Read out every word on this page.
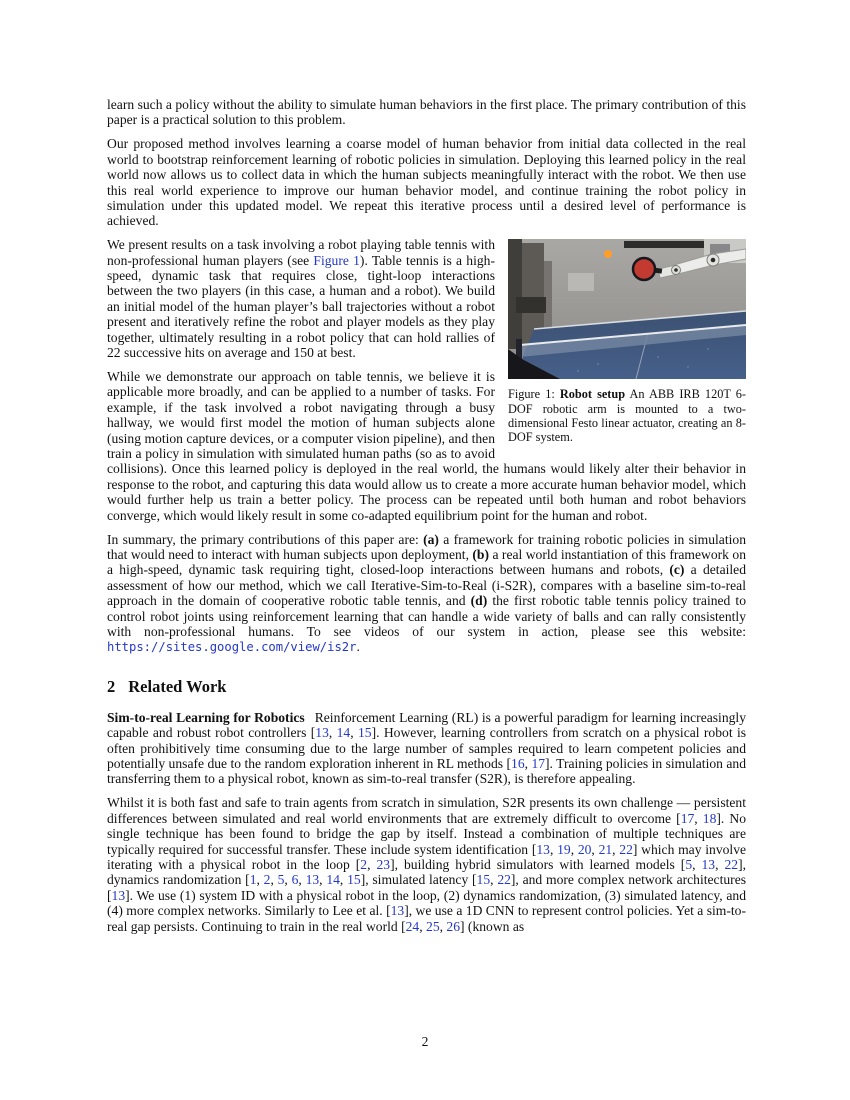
learn such a policy without the ability to simulate human behaviors in the first place. The primary contribution of this paper is a practical solution to this problem.

Our proposed method involves learning a coarse model of human behavior from initial data collected in the real world to bootstrap reinforcement learning of robotic policies in simulation. Deploying this learned policy in the real world now allows us to collect data in which the human subjects meaningfully interact with the robot. We then use this real world experience to improve our human behavior model, and continue training the robot policy in simulation under this updated model. We repeat this iterative process until a desired level of performance is achieved.

Figure 1: Robot setup An ABB IRB 120T 6-DOF robotic arm is mounted to a two-dimensional Festo linear actuator, creating an 8-DOF system.

We present results on a task involving a robot playing table tennis with non-professional human players (see Figure 1). Table tennis is a high-speed, dynamic task that requires close, tight-loop interactions between the two players (in this case, a human and a robot). We build an initial model of the human player’s ball trajectories without a robot present and iteratively refine the robot and player models as they play together, ultimately resulting in a robot policy that can hold rallies of 22 successive hits on average and 150 at best.

While we demonstrate our approach on table tennis, we believe it is applicable more broadly, and can be applied to a number of tasks. For example, if the task involved a robot navigating through a busy hallway, we would first model the motion of human subjects alone (using motion capture devices, or a computer vision pipeline), and then train a policy in simulation with simulated human paths (so as to avoid collisions). Once this learned policy is deployed in the real world, the humans would likely alter their behavior in response to the robot, and capturing this data would allow us to create a more accurate human behavior model, which would further help us train a better policy. The process can be repeated until both human and robot behaviors converge, which would likely result in some co-adapted equilibrium point for the human and robot.

In summary, the primary contributions of this paper are: (a) a framework for training robotic policies in simulation that would need to interact with human subjects upon deployment, (b) a real world instantiation of this framework on a high-speed, dynamic task requiring tight, closed-loop interactions between humans and robots, (c) a detailed assessment of how our method, which we call Iterative-Sim-to-Real (i-S2R), compares with a baseline sim-to-real approach in the domain of cooperative robotic table tennis, and (d) the first robotic table tennis policy trained to control robot joints using reinforcement learning that can handle a wide variety of balls and can rally consistently with non-professional humans. To see videos of our system in action, please see this website: https://sites.google.com/view/is2r.

2 Related Work

Sim-to-real Learning for Robotics Reinforcement Learning (RL) is a powerful paradigm for learning increasingly capable and robust robot controllers [13, 14, 15]. However, learning controllers from scratch on a physical robot is often prohibitively time consuming due to the large number of samples required to learn competent policies and potentially unsafe due to the random exploration inherent in RL methods [16, 17]. Training policies in simulation and transferring them to a physical robot, known as sim-to-real transfer (S2R), is therefore appealing.

Whilst it is both fast and safe to train agents from scratch in simulation, S2R presents its own challenge — persistent differences between simulated and real world environments that are extremely difficult to overcome [17, 18]. No single technique has been found to bridge the gap by itself. Instead a combination of multiple techniques are typically required for successful transfer. These include system identification [13, 19, 20, 21, 22] which may involve iterating with a physical robot in the loop [2, 23], building hybrid simulators with learned models [5, 13, 22], dynamics randomization [1, 2, 5, 6, 13, 14, 15], simulated latency [15, 22], and more complex network architectures [13]. We use (1) system ID with a physical robot in the loop, (2) dynamics randomization, (3) simulated latency, and (4) more complex networks. Similarly to Lee et al. [13], we use a 1D CNN to represent control policies. Yet a sim-to-real gap persists. Continuing to train in the real world [24, 25, 26] (known as

2
